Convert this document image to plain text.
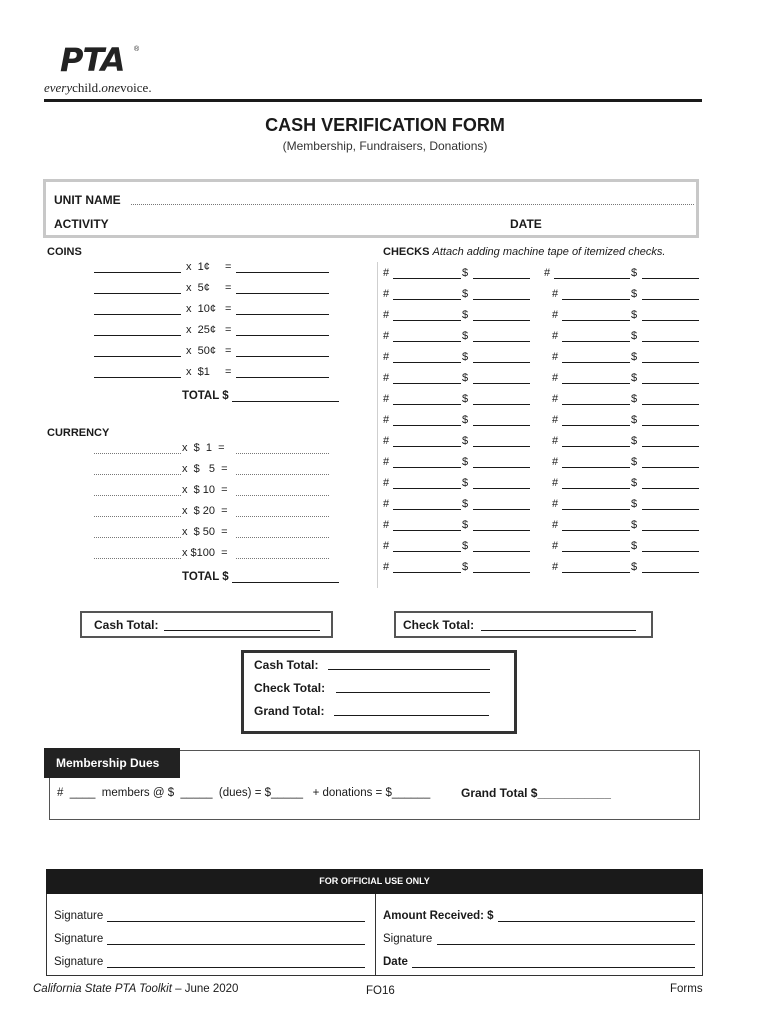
PTA ®
everychild.onevoice.
CASH VERIFICATION FORM
(Membership, Fundraisers, Donations)
UNIT NAME
ACTIVITY	DATE
COINS
x  1¢ =
x  5¢ =
x  10¢ =
x  25¢ =
x  50¢ =
x  $1 =
TOTAL $
CURRENCY
x  $  1  =
x  $   5  =
x  $ 10  =
x  $ 20  =
x  $ 50  =
x $100  =
TOTAL $
CHECKS Attach adding machine tape of itemized checks.
#	$	#	$
#	$	#	$
#	$	#	$
#	$	#	$
#	$	#	$
#	$	#	$
#	$	#	$
#	$	#	$
#	$	#	$
#	$	#	$
#	$	#	$
#	$	#	$
#	$	#	$
#	$	#	$
#	$	#	$
Cash Total:	Check Total:
Cash Total:
Check Total:
Grand Total:
Membership Dues
#  ____  members @ $  _____  (dues) = $_____   + donations = $______	Grand Total $___________
FOR OFFICIAL USE ONLY
Signature
Signature
Signature
Amount Received: $
Signature
Date
California State PTA Toolkit – June 2020	FO16	Forms
